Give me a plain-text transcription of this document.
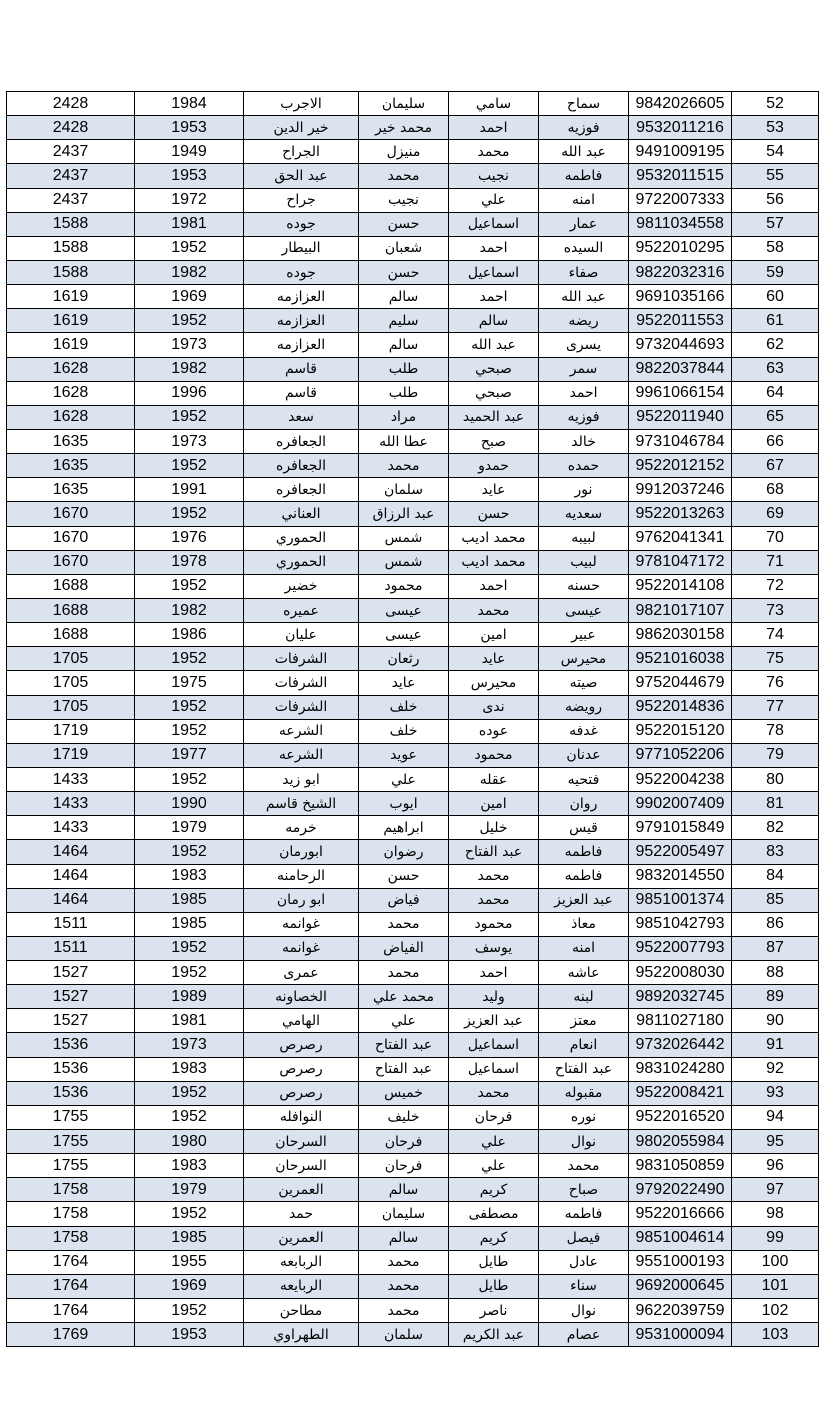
2428	1984	الاجرب	سليمان	سامي	سماح	9842026605	52
2428	1953	خير الدين	محمد خير	احمد	فوزيه	9532011216	53
2437	1949	الجراح	منيزل	محمد	عبد الله	9491009195	54
2437	1953	عبد الحق	محمد	نجيب	فاطمه	9532011515	55
2437	1972	جراح	نجيب	علي	امنه	9722007333	56
1588	1981	جوده	حسن	اسماعيل	عمار	9811034558	57
1588	1952	البيطار	شعبان	احمد	السيده	9522010295	58
1588	1982	جوده	حسن	اسماعيل	صفاء	9822032316	59
1619	1969	العزازمه	سالم	احمد	عبد الله	9691035166	60
1619	1952	العزازمه	سليم	سالم	ريضه	9522011553	61
1619	1973	العزازمه	سالم	عبد الله	يسرى	9732044693	62
1628	1982	قاسم	طلب	صبحي	سمر	9822037844	63
1628	1996	قاسم	طلب	صبحي	احمد	9961066154	64
1628	1952	سعد	مراد	عبد الحميد	فوزيه	9522011940	65
1635	1973	الجعافره	عطا الله	صبح	خالد	9731046784	66
1635	1952	الجعافره	محمد	حمدو	حمده	9522012152	67
1635	1991	الجعافره	سلمان	عايد	نور	9912037246	68
1670	1952	العناني	عبد الرزاق	حسن	سعديه	9522013263	69
1670	1976	الحموري	شمس	محمد اديب	لبيبه	9762041341	70
1670	1978	الحموري	شمس	محمد اديب	لبيب	9781047172	71
1688	1952	خضير	محمود	احمد	حسنه	9522014108	72
1688	1982	عميره	عيسى	محمد	عيسى	9821017107	73
1688	1986	عليان	عيسى	امين	عبير	9862030158	74
1705	1952	الشرفات	رثعان	عايد	محيرس	9521016038	75
1705	1975	الشرفات	عايد	محيرس	صيته	9752044679	76
1705	1952	الشرفات	خلف	ندى	رويضه	9522014836	77
1719	1952	الشرعه	خلف	عوده	غدفه	9522015120	78
1719	1977	الشرعه	عويد	محمود	عدنان	9771052206	79
1433	1952	ابو زيد	علي	عقله	فتحيه	9522004238	80
1433	1990	الشيخ قاسم	ايوب	امين	روان	9902007409	81
1433	1979	خرمه	ابراهيم	خليل	قيس	9791015849	82
1464	1952	ابورمان	رضوان	عبد الفتاح	فاطمه	9522005497	83
1464	1983	الرحامنه	حسن	محمد	فاطمه	9832014550	84
1464	1985	ابو رمان	فياض	محمد	عبد العزيز	9851001374	85
1511	1985	غوانمه	محمد	محمود	معاذ	9851042793	86
1511	1952	غوانمه	الفياض	يوسف	امنه	9522007793	87
1527	1952	عمرى	محمد	احمد	عاشه	9522008030	88
1527	1989	الخصاونه	محمد علي	وليد	لبنه	9892032745	89
1527	1981	الهامي	علي	عبد العزيز	معتز	9811027180	90
1536	1973	رصرص	عبد الفتاح	اسماعيل	انعام	9732026442	91
1536	1983	رصرص	عبد الفتاح	اسماعيل	عبد الفتاح	9831024280	92
1536	1952	رصرص	خميس	محمد	مقبوله	9522008421	93
1755	1952	النوافله	خليف	فرحان	نوره	9522016520	94
1755	1980	السرحان	فرحان	علي	نوال	9802055984	95
1755	1983	السرحان	فرحان	علي	محمد	9831050859	96
1758	1979	العمرين	سالم	كريم	صباح	9792022490	97
1758	1952	حمد	سليمان	مصطفى	فاطمه	9522016666	98
1758	1985	العمرين	سالم	كريم	فيصل	9851004614	99
1764	1955	الربابعه	محمد	طايل	عادل	9551000193	100
1764	1969	الربايعه	محمد	طايل	سناء	9692000645	101
1764	1952	مطاحن	محمد	ناصر	نوال	9622039759	102
1769	1953	الطهراوي	سلمان	عبد الكريم	عصام	9531000094	103
